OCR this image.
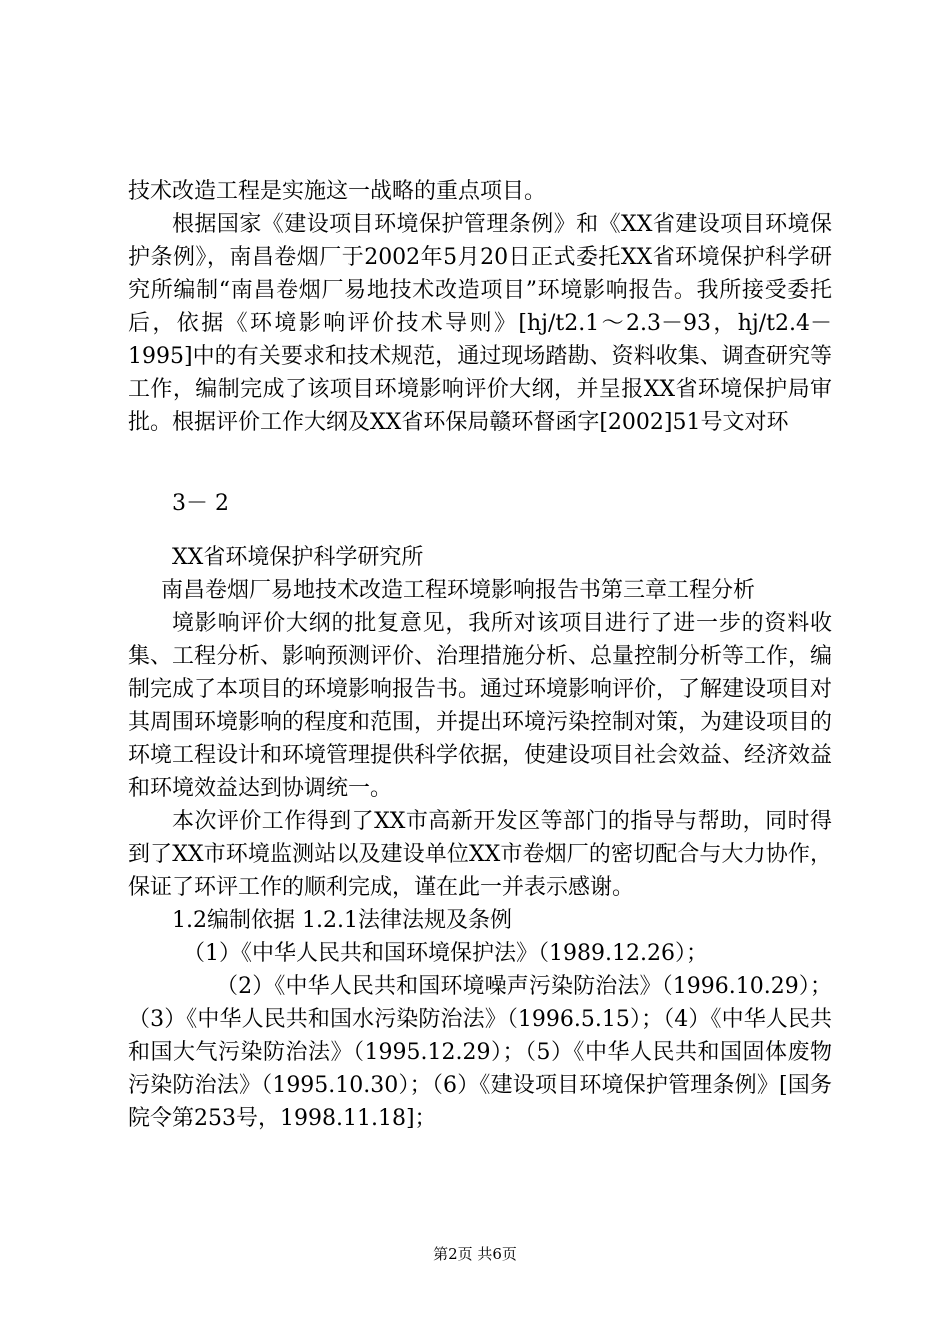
技术改造工程是实施这一战略的重点项目。

根据国家《建设项目环境保护管理条例》和《XX省建设项目环境保护条例》，南昌卷烟厂于2002年5月20日正式委托XX省环境保护科学研究所编制“南昌卷烟厂易地技术改造项目”环境影响报告。我所接受委托后，依据《环境影响评价技术导则》[hj/t2.1～2.3－93，hj/t2.4－1995]中的有关要求和技术规范，通过现场踏勘、资料收集、调查研究等工作，编制完成了该项目环境影响评价大纲，并呈报XX省环境保护局审批。根据评价工作大纲及XX省环保局赣环督函字[2002]51号文对环

3－ 2

XX省环境保护科学研究所

南昌卷烟厂易地技术改造工程环境影响报告书第三章工程分析

境影响评价大纲的批复意见，我所对该项目进行了进一步的资料收集、工程分析、影响预测评价、治理措施分析、总量控制分析等工作，编制完成了本项目的环境影响报告书。通过环境影响评价，了解建设项目对其周围环境影响的程度和范围，并提出环境污染控制对策，为建设项目的环境工程设计和环境管理提供科学依据，使建设项目社会效益、经济效益和环境效益达到协调统一。

本次评价工作得到了XX市高新开发区等部门的指导与帮助，同时得到了XX市环境监测站以及建设单位XX市卷烟厂的密切配合与大力协作，保证了环评工作的顺利完成，谨在此一并表示感谢。

1.2编制依据 1.2.1法律法规及条例

（1）《中华人民共和国环境保护法》（1989.12.26）；

（2）《中华人民共和国环境噪声污染防治法》（1996.10.29）；（3）《中华人民共和国水污染防治法》（1996.5.15）；（4）《中华人民共和国大气污染防治法》（1995.12.29）；（5）《中华人民共和国固体废物污染防治法》（1995.10.30）；（6）《建设项目环境保护管理条例》[国务院令第253号，1998.11.18]；

第2页 共6页
